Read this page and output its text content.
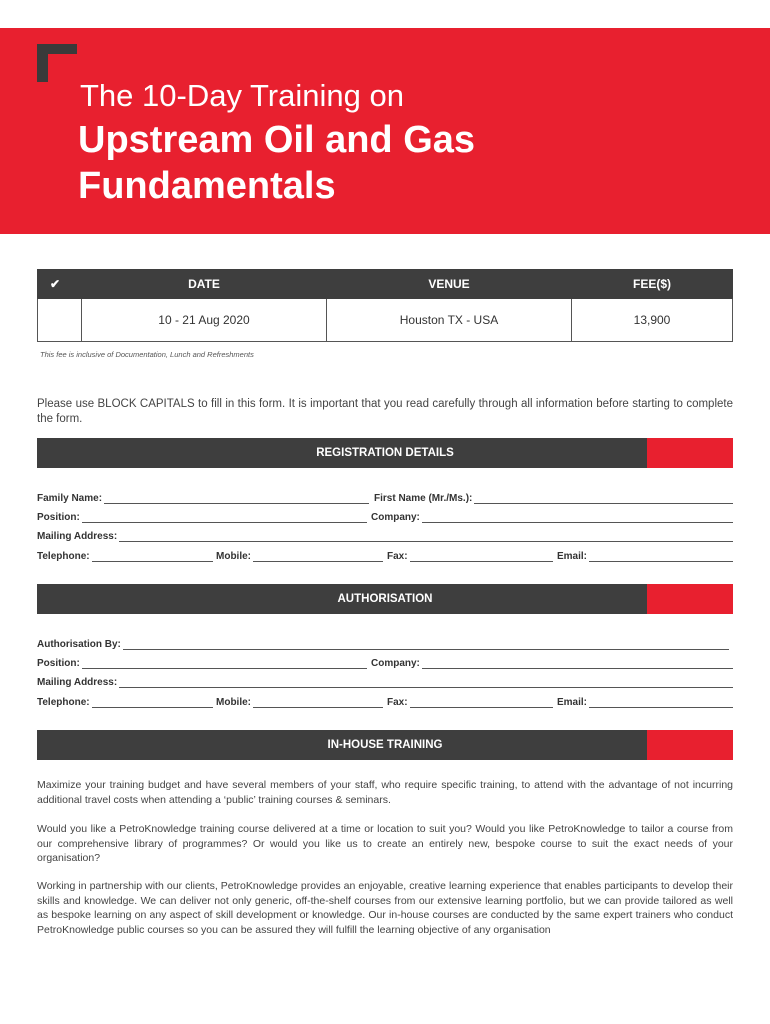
The 10-Day Training on
Upstream Oil and Gas
Fundamentals
✔	DATE	VENUE	FEE($)
	10 - 21 Aug 2020	Houston TX - USA	13,900
This fee is inclusive of Documentation, Lunch and Refreshments
Please use BLOCK CAPITALS to fill in this form. It is important that you read carefully through all information before starting to complete the form.
REGISTRATION DETAILS
Family Name:	First Name (Mr./Ms.):
Position:	Company:
Mailing Address:
Telephone:	Mobile:	Fax:	Email:
AUTHORISATION
Authorisation By:
Position:	Company:
Mailing Address:
Telephone:	Mobile:	Fax:	Email:
IN-HOUSE TRAINING
Maximize your training budget and have several members of your staff, who require specific training, to attend with the advantage of not incurring additional travel costs when attending a ‘public’ training courses & seminars.
Would you like a PetroKnowledge training course delivered at a time or location to suit you? Would you like PetroKnowledge to tailor a course from our comprehensive library of programmes? Or would you like us to create an entirely new, bespoke course to suit the exact needs of your organisation?
Working in partnership with our clients, PetroKnowledge provides an enjoyable, creative learning experience that enables participants to develop their skills and knowledge. We can deliver not only generic, off-the-shelf courses from our extensive learning portfolio, but we can provide tailored as well as bespoke learning on any aspect of skill development or knowledge. Our in-house courses are conducted by the same expert trainers who conduct PetroKnowledge public courses so you can be assured they will fulfill the learning objective of any organisation
